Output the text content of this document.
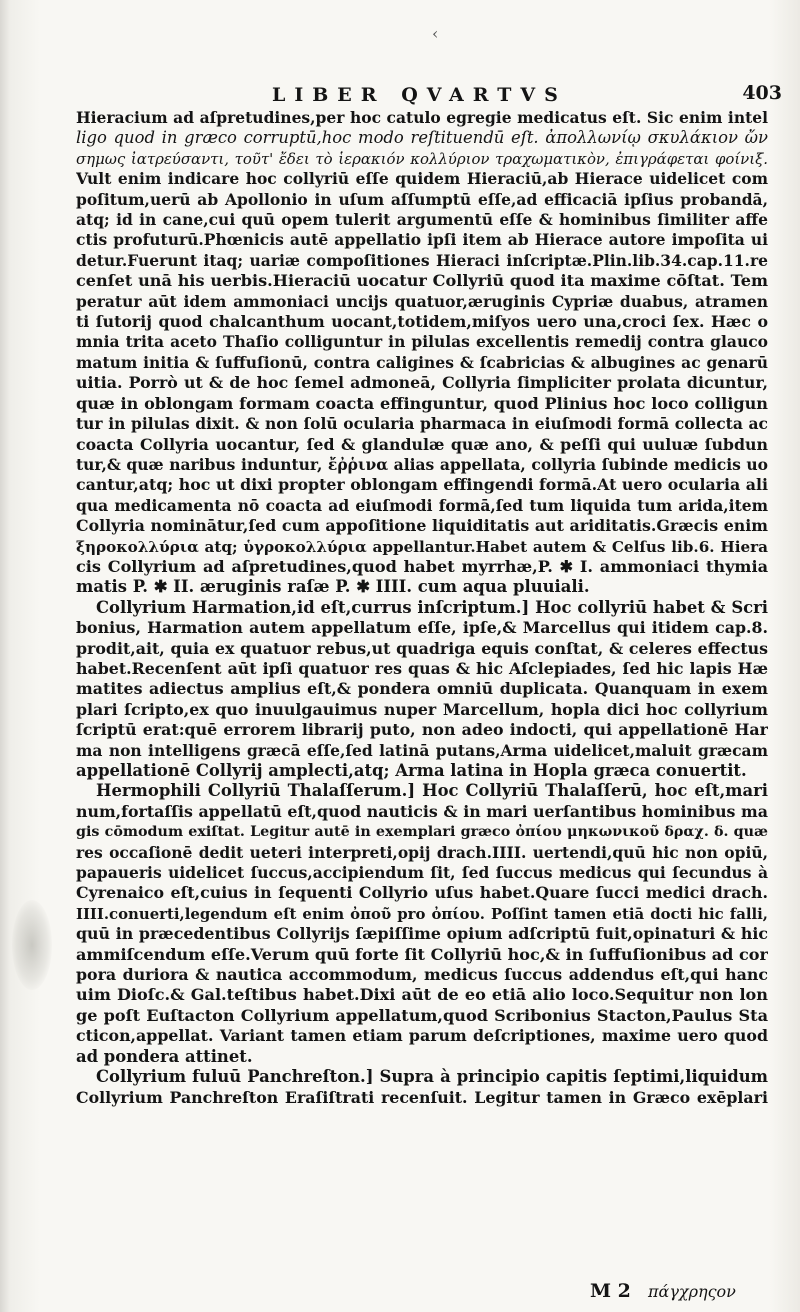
‹
LIBER QVARTVS	403
Hieracium ad aſpretudines,per hoc catulo egregie medicatus eſt. Sic enim intel
ligo quod in græco corruptū,hoc modo reſtituendū eſt. ἀπολλωνίῳ σκυλάκιον ὤν
σημως ἰατρεύσαντι, τοῦτ' ἔδει τὸ ἱερακιόν κολλύριον τραχωματικὸν, ἐπιγράφεται φοίνιξ.
Vult enim indicare hoc collyriū eſſe quidem Hieraciū,ab Hierace uidelicet com
poſitum,uerū ab Apollonio in uſum aſſumptū eſſe,ad efficaciā ipſius probandā,
atq; id in cane,cui quū opem tulerit argumentū eſſe & hominibus ſimiliter affe
ctis profuturū.Phœnicis autē appellatio ipſi item ab Hierace autore impoſita ui
detur.Fuerunt itaq; uariæ compoſitiones Hieraci inſcriptæ.Plin.lib.34.cap.11.re
cenſet unā his uerbis.Hieraciū uocatur Collyriū quod ita maxime cōſtat. Tem
peratur aūt idem ammoniaci uncijs quatuor,æruginis Cypriæ duabus, atramen
ti ſutorij quod chalcanthum uocant,totidem,miſyos uero una,croci ſex. Hæc o
mnia trita aceto Thaſio colliguntur in pilulas excellentis remedij contra glauco
matum initia & ſuffuſionū, contra caligines & ſcabricias & albugines ac genarū
uitia. Porrò ut & de hoc ſemel admoneā, Collyria ſimpliciter prolata dicuntur,
quæ in oblongam formam coacta effinguntur, quod Plinius hoc loco colligun
tur in pilulas dixit. & non ſolū ocularia pharmaca in eiuſmodi formā collecta ac
coacta Collyria uocantur, ſed & glandulæ quæ ano, & peſſi qui uuluæ ſubdun
tur,& quæ naribus induntur, ἔῤῥινα alias appellata, collyria ſubinde medicis uo
cantur,atq; hoc ut dixi propter oblongam effingendi formā.At uero ocularia ali
qua medicamenta nō coacta ad eiuſmodi formā,ſed tum liquida tum arida,item
Collyria nominātur,ſed cum appoſitione liquiditatis aut ariditatis.Græcis enim
ξηροκολλύρια atq; ὑγροκολλύρια appellantur.Habet autem & Celſus lib.6. Hiera
cis Collyrium ad aſpretudines,quod habet myrrhæ,P. ✱ I. ammoniaci thymia
matis P. ✱ II. æruginis raſæ P. ✱ IIII. cum aqua pluuiali.
Collyrium Harmation,id eſt,currus inſcriptum.] Hoc collyriū habet & Scri
bonius, Harmation autem appellatum eſſe, ipſe,& Marcellus qui itidem cap.8.
prodit,ait, quia ex quatuor rebus,ut quadriga equis conſtat, & celeres effectus
habet.Recenſent aūt ipſi quatuor res quas & hic Aſclepiades, ſed hic lapis Hæ
matites adiectus amplius eſt,& pondera omniū duplicata. Quanquam in exem
plari ſcripto,ex quo inuulgauimus nuper Marcellum, hopla dici hoc collyrium
ſcriptū erat:quē errorem librarij puto, non adeo indocti, qui appellationē Har
ma non intelligens græcā eſſe,ſed latinā putans,Arma uidelicet,maluit græcam
appellationē Collyrij amplecti,atq; Arma latina in Hopla græca conuertit.
Hermophili Collyriū Thalaſſerum.] Hoc Collyriū Thalaſſerū, hoc eſt,mari
num,fortaſſis appellatū eſt,quod nauticis & in mari uerſantibus hominibus ma
gis cōmodum exiſtat. Legitur autē in exemplari græco ὀπίου μηκωνικοῦ δραχ. δ. quæ
res occaſionē dedit ueteri interpreti,opij drach.IIII. uertendi,quū hic non opiū,
papaueris uidelicet ſuccus,accipiendum ſit, ſed ſuccus medicus qui ſecundus à
Cyrenaico eſt,cuius in ſequenti Collyrio uſus habet.Quare ſucci medici drach.
IIII.conuerti,legendum eſt enim ὀποῦ pro ὀπίου. Poſſint tamen etiā docti hic falli,
quū in præcedentibus Collyrijs ſæpiſſime opium adſcriptū fuit,opinaturi & hic
ammiſcendum eſſe.Verum quū forte ſit Collyriū hoc,& in ſuffuſionibus ad cor
pora duriora & nautica accommodum, medicus ſuccus addendus eſt,qui hanc
uim Dioſc.& Gal.teſtibus habet.Dixi aūt de eo etiā alio loco.Sequitur non lon
ge poſt Euſtacton Collyrium appellatum,quod Scribonius Stacton,Paulus Sta
cticon,appellat. Variant tamen etiam parum deſcriptiones, maxime uero quod
ad pondera attinet.
Collyrium fuluū Panchreſton.] Supra à principio capitis ſeptimi,liquidum
Collyrium Panchreſton Eraſiſtrati recenſuit. Legitur tamen in Græco exēplari
M 2 πάγχρηςον
